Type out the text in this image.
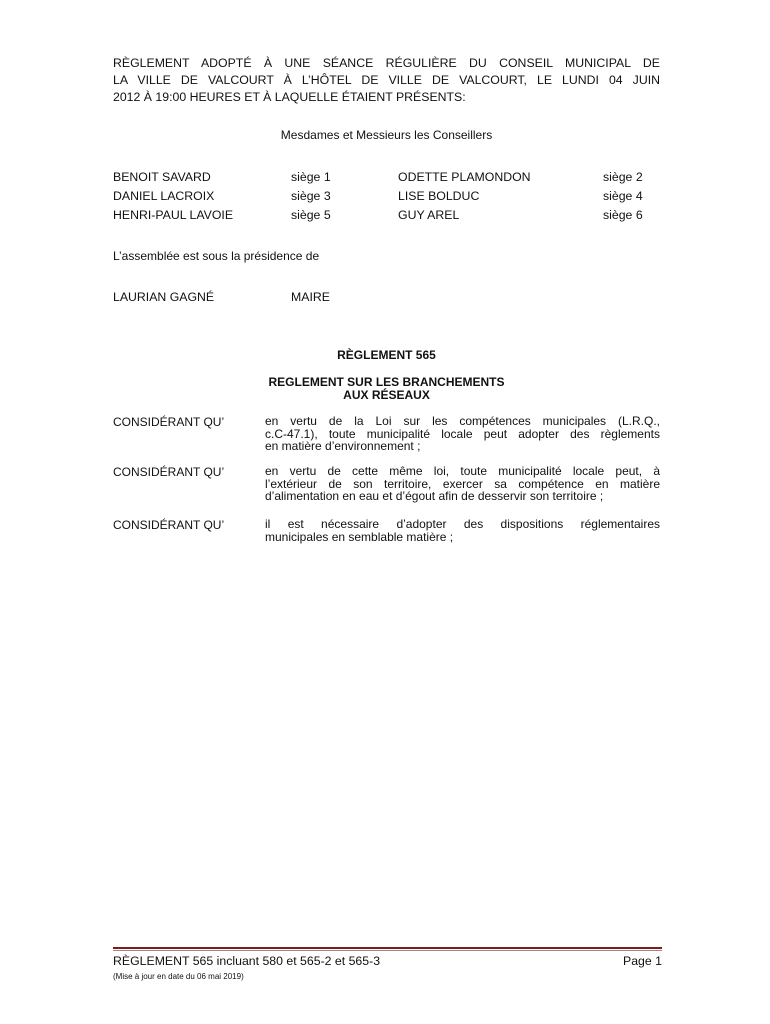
RÈGLEMENT ADOPTÉ À UNE SÉANCE RÉGULIÈRE DU CONSEIL MUNICIPAL DE
LA VILLE DE VALCOURT À L’HÔTEL DE VILLE DE VALCOURT, LE LUNDI 04 JUIN
2012 À 19:00 HEURES ET À LAQUELLE ÉTAIENT PRÉSENTS:
Mesdames et Messieurs les Conseillers
BENOIT SAVARD	siège 1	ODETTE PLAMONDON	siège 2
DANIEL LACROIX	siège 3	LISE BOLDUC	siège 4
HENRI-PAUL LAVOIE	siège 5	GUY AREL	siège 6
L’assemblée est sous la présidence de
LAURIAN GAGNÉ	MAIRE
RÈGLEMENT 565
REGLEMENT SUR LES BRANCHEMENTS
AUX RÉSEAUX
CONSIDÉRANT QU’	en vertu de la Loi sur les compétences municipales (L.R.Q.,
c.C-47.1), toute municipalité locale peut adopter des règlements
en matière d’environnement ;
CONSIDÉRANT QU’	en vertu de cette même loi, toute municipalité locale peut, à
l’extérieur de son territoire, exercer sa compétence en matière
d’alimentation en eau et d’égout afin de desservir son territoire ;
CONSIDÉRANT QU’	il est nécessaire d’adopter des dispositions réglementaires
municipales en semblable matière ;
RÈGLEMENT 565 incluant 580 et 565-2 et 565-3	Page 1
(Mise à jour en date du 06 mai 2019)
